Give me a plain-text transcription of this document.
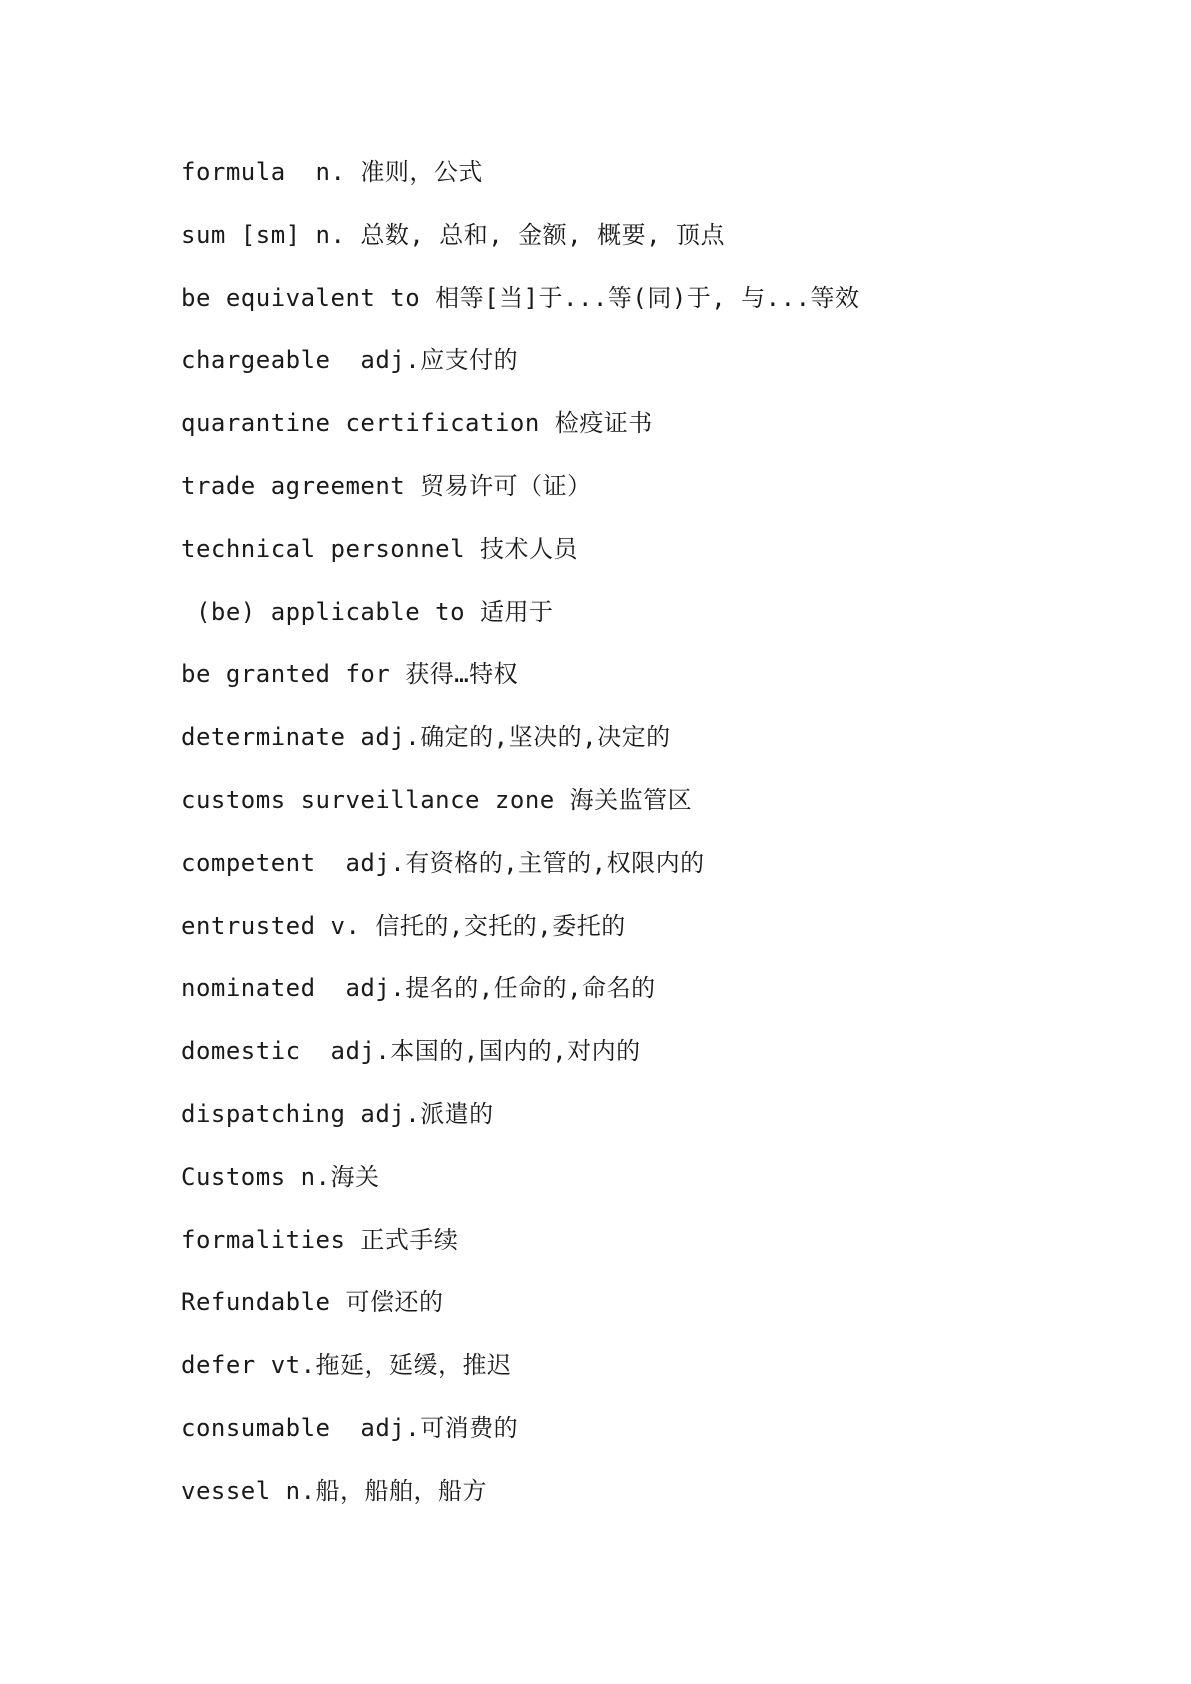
formula  n. 准则，公式
sum [sm] n. 总数, 总和, 金额, 概要, 顶点
be equivalent to 相等[当]于...等(同)于, 与...等效
chargeable  adj.应支付的
quarantine certification 检疫证书
trade agreement 贸易许可（证）
technical personnel 技术人员
(be) applicable to 适用于
be granted for 获得…特权
determinate adj.确定的,坚决的,决定的
customs surveillance zone 海关监管区
competent  adj.有资格的,主管的,权限内的
entrusted v. 信托的,交托的,委托的
nominated  adj.提名的,任命的,命名的
domestic  adj.本国的,国内的,对内的
dispatching adj.派遣的
Customs n.海关
formalities 正式手续
Refundable 可偿还的
defer vt.拖延，延缓，推迟
consumable  adj.可消费的
vessel n.船，船舶，船方
